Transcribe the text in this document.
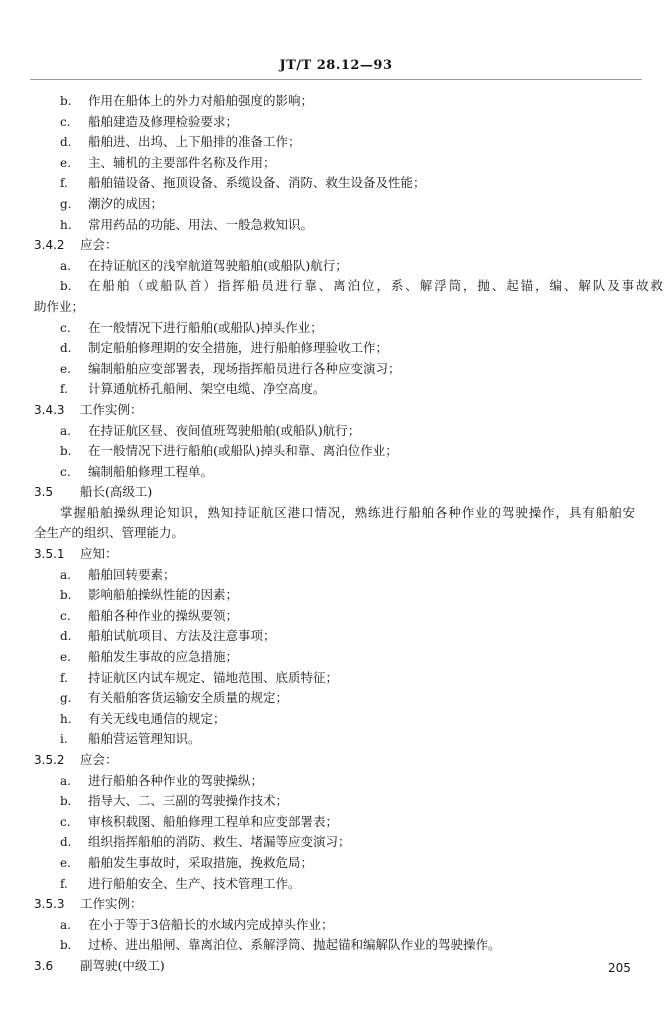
JT/T 28.12—93
b. 作用在船体上的外力对船舶强度的影响；
c. 船舶建造及修理检验要求；
d. 船舶进、出坞、上下船排的准备工作；
e. 主、辅机的主要部件名称及作用；
f. 船舶锚设备、拖顶设备、系缆设备、消防、救生设备及性能；
g. 潮汐的成因；
h. 常用药品的功能、用法、一般急救知识。
3.4.2 应会：
a. 在持证航区的浅窄航道驾驶船舶(或船队)航行；
b. 在船舶（或船队首）指挥船员进行靠、离泊位，系、解浮筒，抛、起锚，编、解队及事故救
助作业；
c. 在一般情况下进行船舶(或船队)掉头作业；
d. 制定船舶修理期的安全措施，进行船舶修理验收工作；
e. 编制船舶应变部署表，现场指挥船员进行各种应变演习；
f. 计算通航桥孔船闸、架空电缆、净空高度。
3.4.3 工作实例：
a. 在持证航区昼、夜间值班驾驶船舶(或船队)航行；
b. 在一般情况下进行船舶(或船队)掉头和靠、离泊位作业；
c. 编制船舶修理工程单。
3.5 船长(高级工)
掌握船舶操纵理论知识，熟知持证航区港口情况，熟练进行船舶各种作业的驾驶操作，具有船舶安
全生产的组织、管理能力。
3.5.1 应知：
a. 船舶回转要素；
b. 影响船舶操纵性能的因素；
c. 船舶各种作业的操纵要领；
d. 船舶试航项目、方法及注意事项；
e. 船舶发生事故的应急措施；
f. 持证航区内试车规定、锚地范围、底质特征；
g. 有关船舶客货运输安全质量的规定；
h. 有关无线电通信的规定；
i. 船舶营运管理知识。
3.5.2 应会：
a. 进行船舶各种作业的驾驶操纵；
b. 指导大、二、三副的驾驶操作技术；
c. 审核积载图、船舶修理工程单和应变部署表；
d. 组织指挥船舶的消防、救生、堵漏等应变演习；
e. 船舶发生事故时，采取措施，挽救危局；
f. 进行船舶安全、生产、技术管理工作。
3.5.3 工作实例：
a. 在小于等于3倍船长的水域内完成掉头作业；
b. 过桥、进出船闸、靠离泊位、系解浮筒、抛起锚和编解队作业的驾驶操作。
3.6 副驾驶(中级工)	205
